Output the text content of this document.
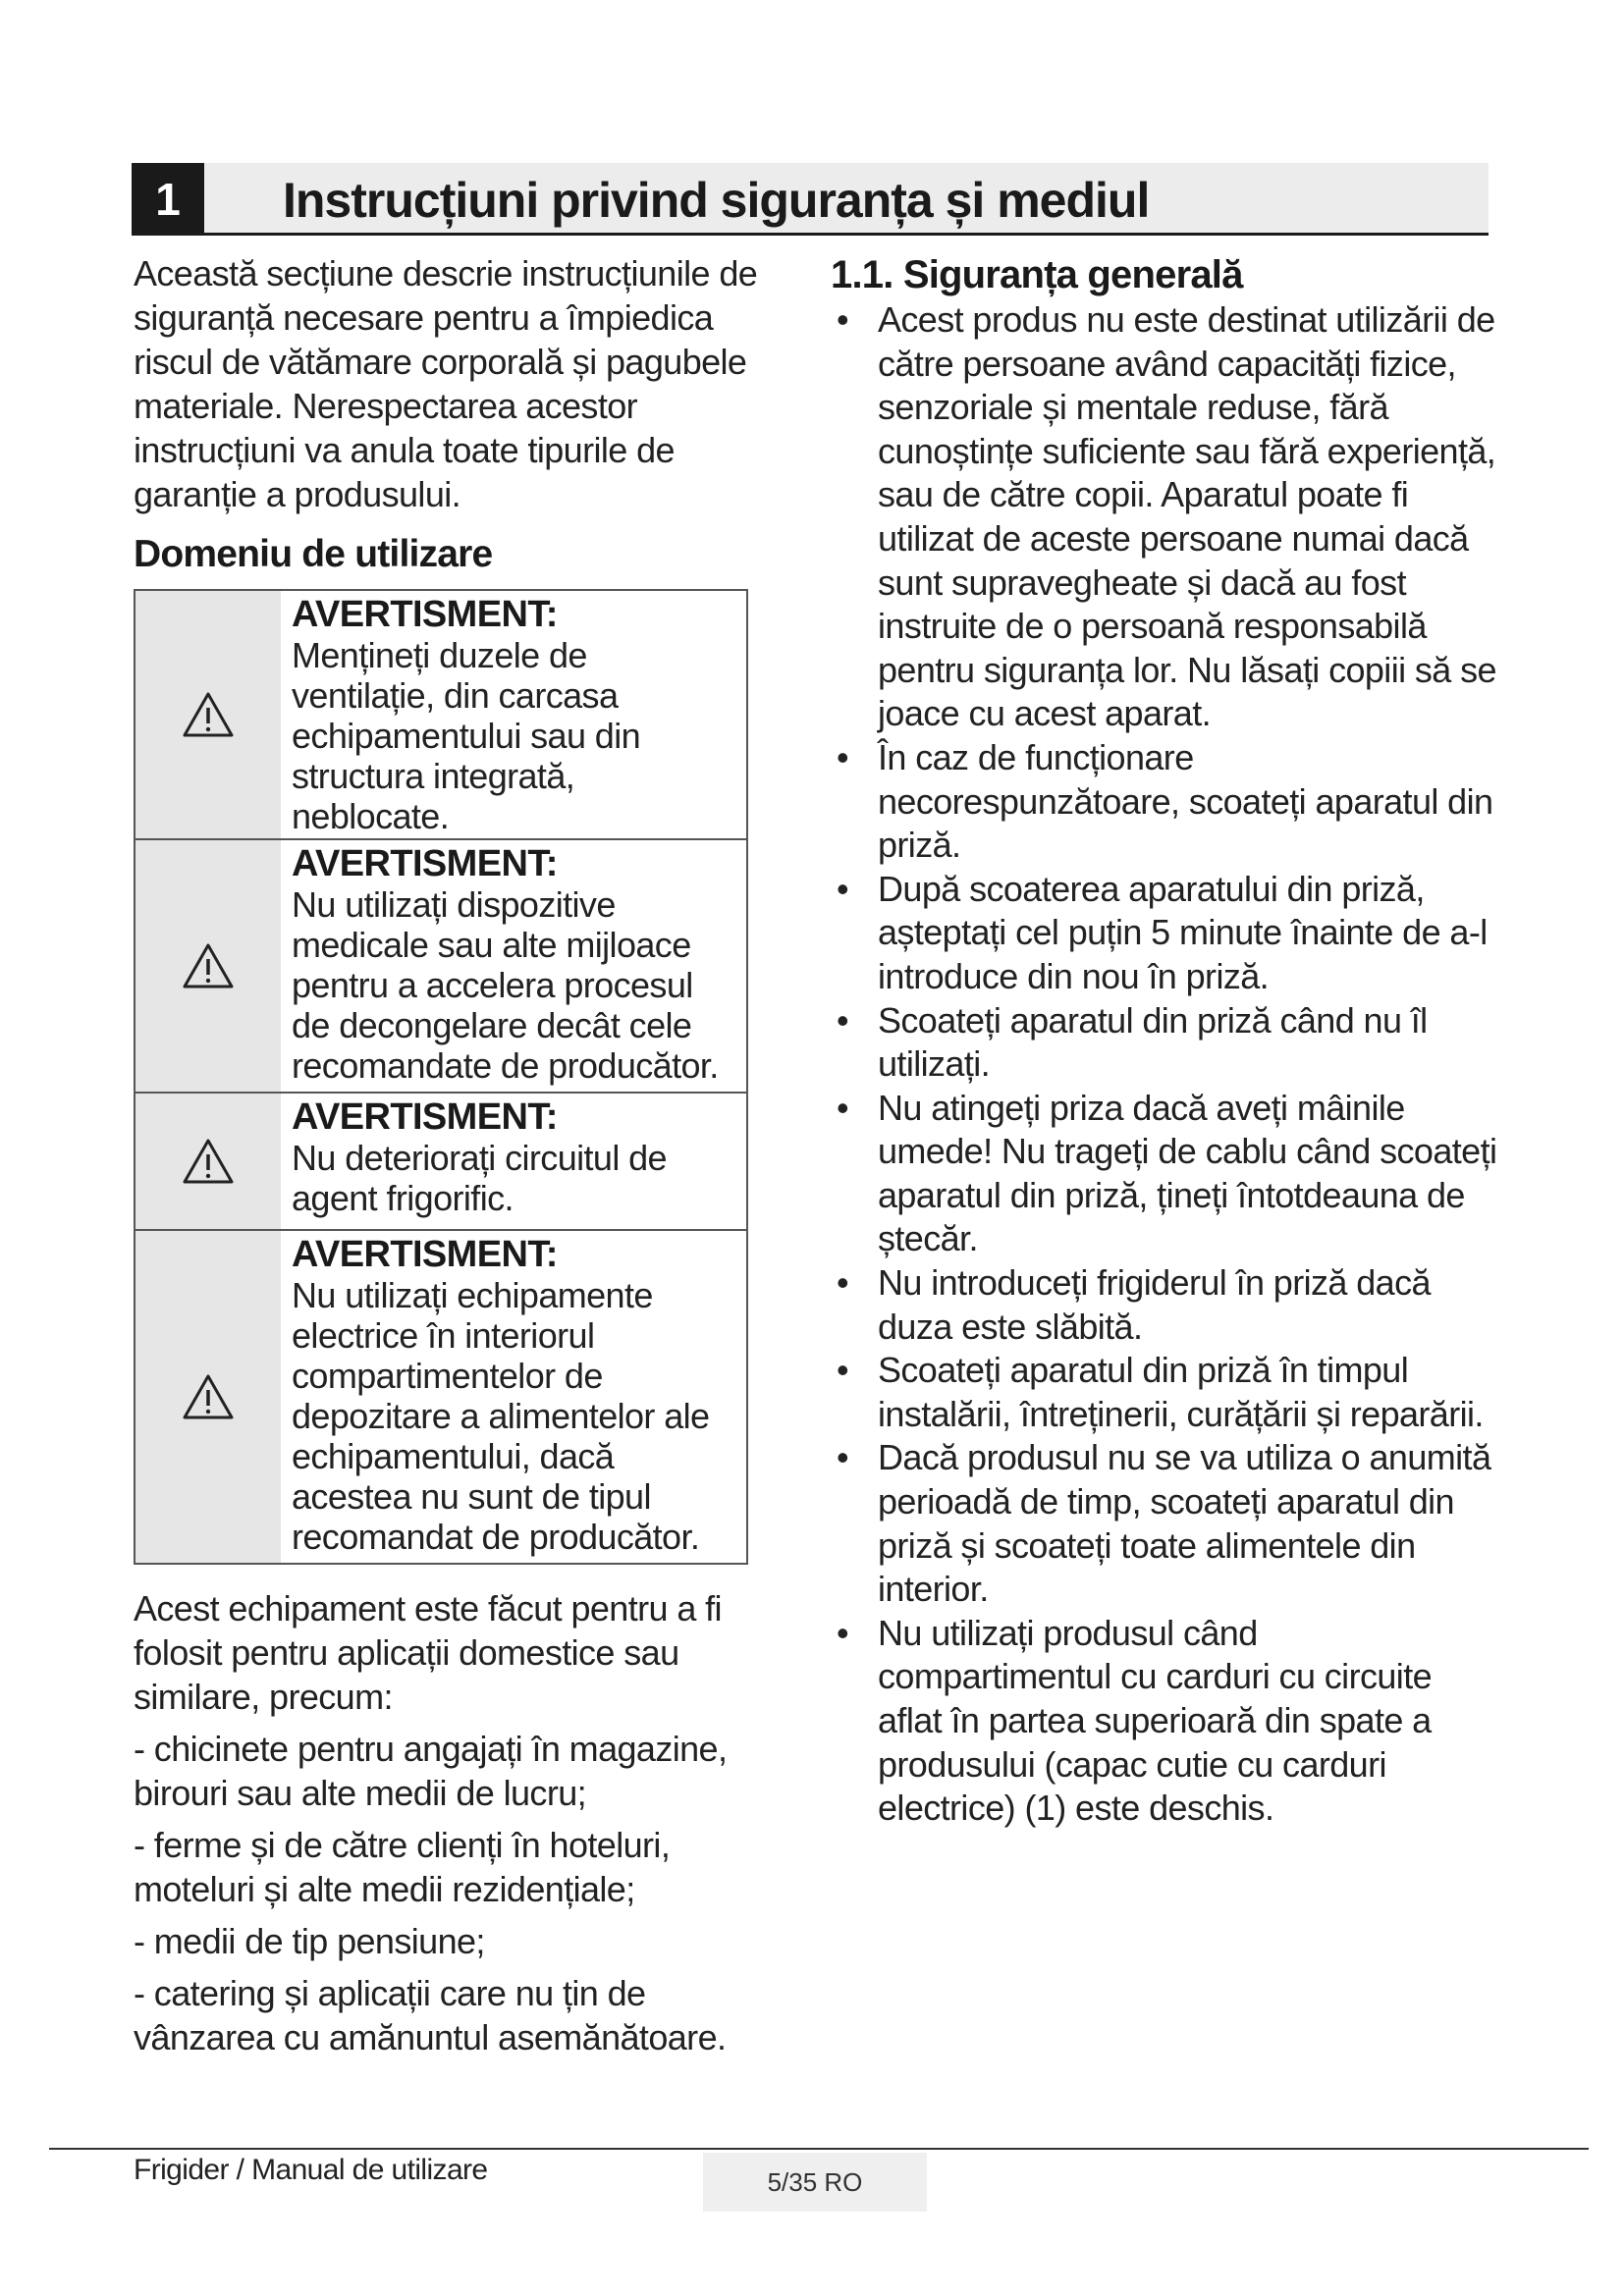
1	Instrucțiuni privind siguranța și mediul

Această secțiune descrie instrucțiunile de siguranță necesare pentru a împiedica riscul de vătămare corporală și pagubele materiale. Nerespectarea acestor instrucțiuni va anula toate tipurile de garanție a produsului.

Domeniu de utilizare
AVERTISMENT:
Mențineți duzele de ventilație, din carcasa echipamentului sau din structura integrată, neblocate.
AVERTISMENT:
Nu utilizați dispozitive medicale sau alte mijloace pentru a accelera procesul de decongelare decât cele recomandate de producător.
AVERTISMENT:
Nu deteriorați circuitul de agent frigorific.
AVERTISMENT:
Nu utilizați echipamente electrice în interiorul compartimentelor de depozitare a alimentelor ale echipamentului, dacă acestea nu sunt de tipul recomandat de producător.

Acest echipament este făcut pentru a fi folosit pentru aplicații domestice sau similare, precum:

- chicinete pentru angajați în magazine, birouri sau alte medii de lucru;

- ferme și de către clienți în hoteluri, moteluri și alte medii rezidențiale;

- medii de tip pensiune;

- catering și aplicații care nu țin de vânzarea cu amănuntul asemănătoare.

1.1. Siguranța generală
• Acest produs nu este destinat utilizării de către persoane având capacități fizice, senzoriale și mentale reduse, fără cunoștințe suficiente sau fără experiență, sau de către copii. Aparatul poate fi utilizat de aceste persoane numai dacă sunt supravegheate și dacă au fost instruite de o persoană responsabilă pentru siguranța lor. Nu lăsați copiii să se joace cu acest aparat.
• În caz de funcționare necorespunzătoare, scoateți aparatul din priză.
• După scoaterea aparatului din priză, așteptați cel puțin 5 minute înainte de a-l introduce din nou în priză.
• Scoateți aparatul din priză când nu îl utilizați.
• Nu atingeți priza dacă aveți mâinile umede! Nu trageți de cablu când scoateți aparatul din priză, țineți întotdeauna de ștecăr.
• Nu introduceți frigiderul în priză dacă duza este slăbită.
• Scoateți aparatul din priză în timpul instalării, întreținerii, curățării și reparării.
• Dacă produsul nu se va utiliza o anumită perioadă de timp, scoateți aparatul din priză și scoateți toate alimentele din interior.
• Nu utilizați produsul când compartimentul cu carduri cu circuite aflat în partea superioară din spate a produsului (capac cutie cu carduri electrice) (1) este deschis.
Frigider / Manual de utilizare	5/35 RO
